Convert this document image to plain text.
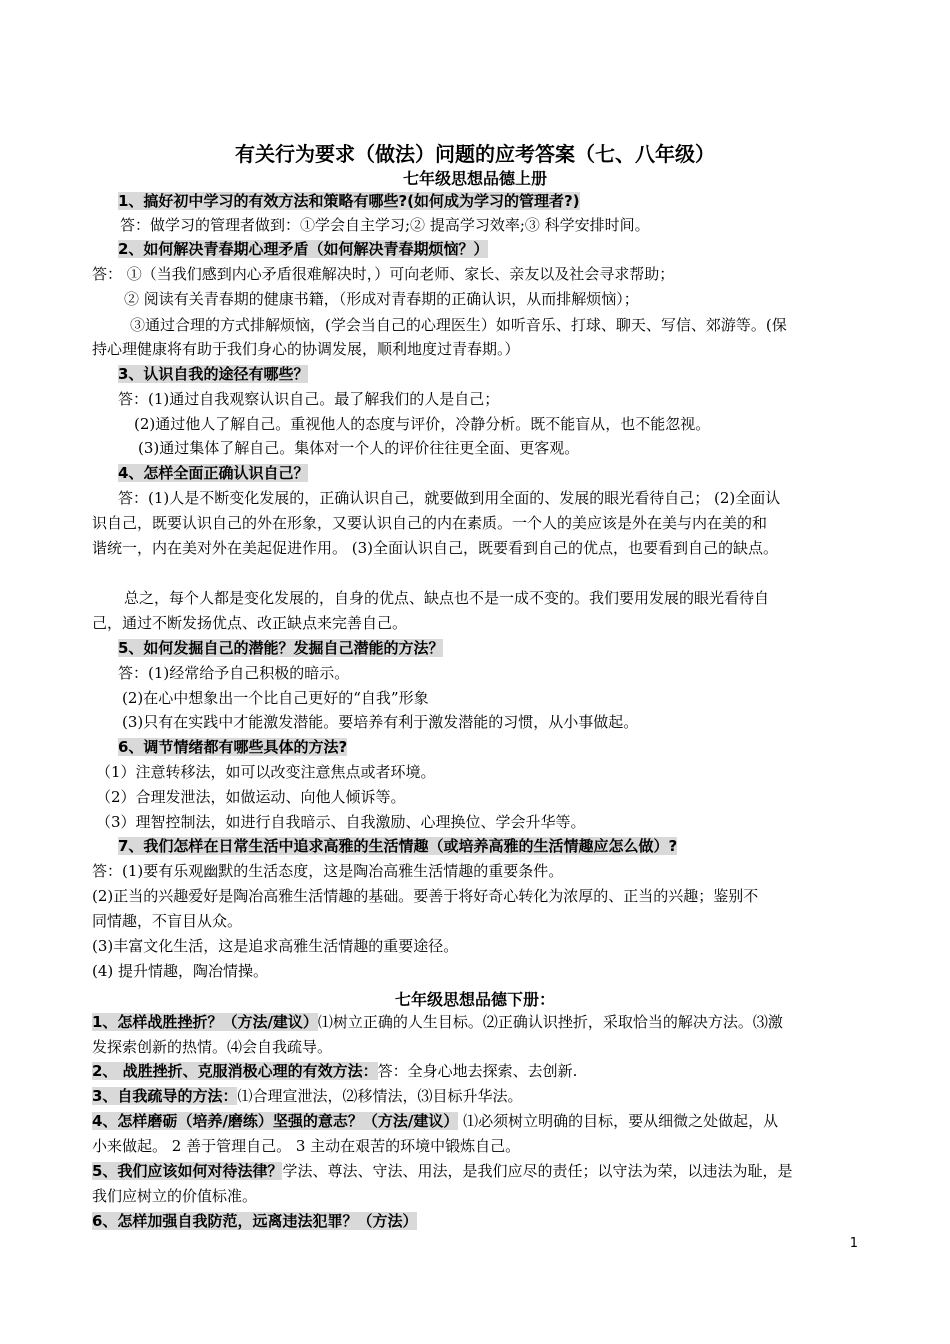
有关行为要求（做法）问题的应考答案（七、八年级）
七年级思想品德上册
1、搞好初中学习的有效方法和策略有哪些?(如何成为学习的管理者?)
答：做学习的管理者做到：①学会自主学习;② 提高学习效率;③ 科学安排时间。
2、如何解决青春期心理矛盾（如何解决青春期烦恼？）
答： ①（当我们感到内心矛盾很难解决时，）可向老师、家长、亲友以及社会寻求帮助；
② 阅读有关青春期的健康书籍，（形成对青春期的正确认识，从而排解烦恼）；
③通过合理的方式排解烦恼，(学会当自己的心理医生）如听音乐、打球、聊天、写信、郊游等。(保
持心理健康将有助于我们身心的协调发展，顺利地度过青春期。）
3、认识自我的途径有哪些？
答：(1)通过自我观察认识自己。最了解我们的人是自己；
(2)通过他人了解自己。重视他人的态度与评价，冷静分析。既不能盲从，也不能忽视。
(3)通过集体了解自己。集体对一个人的评价往往更全面、更客观。
4、怎样全面正确认识自己？
答：(1)人是不断变化发展的，正确认识自己，就要做到用全面的、发展的眼光看待自己； (2)全面认
识自己，既要认识自己的外在形象，又要认识自己的内在素质。一个人的美应该是外在美与内在美的和
谐统一，内在美对外在美起促进作用。 (3)全面认识自己，既要看到自己的优点，也要看到自己的缺点。
总之，每个人都是变化发展的，自身的优点、缺点也不是一成不变的。我们要用发展的眼光看待自
己，通过不断发扬优点、改正缺点来完善自己。
5、如何发掘自己的潜能？发掘自己潜能的方法？
答：(1)经常给予自己积极的暗示。
(2)在心中想象出一个比自己更好的“自我”形象
(3)只有在实践中才能激发潜能。要培养有利于激发潜能的习惯，从小事做起。
6、调节情绪都有哪些具体的方法?
（1）注意转移法，如可以改变注意焦点或者环境。
（2）合理发泄法，如做运动、向他人倾诉等。
（3）理智控制法，如进行自我暗示、自我激励、心理换位、学会升华等。
7、我们怎样在日常生活中追求高雅的生活情趣（或培养高雅的生活情趣应怎么做）?
答：(1)要有乐观幽默的生活态度，这是陶冶高雅生活情趣的重要条件。
(2)正当的兴趣爱好是陶冶高雅生活情趣的基础。要善于将好奇心转化为浓厚的、正当的兴趣；鉴别不
同情趣，不盲目从众。
(3)丰富文化生活，这是追求高雅生活情趣的重要途径。
(4) 提升情趣，陶冶情操。
七年级思想品德下册：
1、怎样战胜挫折？（方法/建议）⑴树立正确的人生目标。⑵正确认识挫折，采取恰当的解决方法。⑶激
发探索创新的热情。⑷会自我疏导。
2、 战胜挫折、克服消极心理的有效方法：答：全身心地去探索、去创新.
3、自我疏导的方法：⑴合理宣泄法，⑵移情法，⑶目标升华法。
4、怎样磨砺（培养/磨练）坚强的意志？（方法/建议） ⑴必须树立明确的目标，要从细微之处做起，从
小来做起。 2 善于管理自己。 3 主动在艰苦的环境中锻炼自己。
5、我们应该如何对待法律？学法、尊法、守法、用法，是我们应尽的责任；以守法为荣，以违法为耻，是
我们应树立的价值标准。
6、怎样加强自我防范，远离违法犯罪？（方法）
1
